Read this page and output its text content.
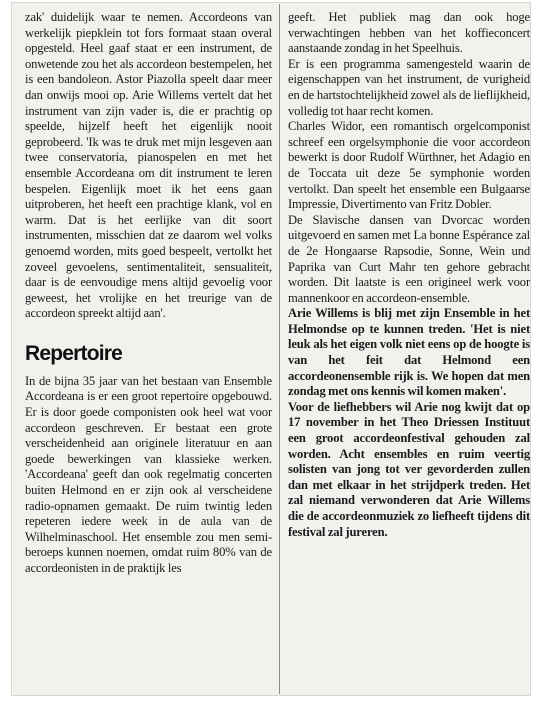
zak' duidelijk waar te nemen. Accordeons van werkelijk piepklein tot fors formaat staan overal opgesteld. Heel gaaf staat er een instrument, de onwetende zou het als accordeon bestempelen, het is een bandoleon. Astor Piazolla speelt daar meer dan onwijs mooi op. Arie Willems vertelt dat het instrument van zijn vader is, die er prachtig op speelde, hijzelf heeft het eigenlijk nooit geprobeerd. 'Ik was te druk met mijn lesgeven aan twee conservatoria, pianospelen en met het ensemble Accordeana om dit instrument te leren bespelen. Eigenlijk moet ik het eens gaan uitproberen, het heeft een prachtige klank, vol en warm. Dat is het eerlijke van dit soort instrumenten, misschien dat ze daarom wel volks genoemd worden, mits goed bespeelt, vertolkt het zoveel gevoelens, sentimentaliteit, sensualiteit, daar is de eenvoudige mens altijd gevoelig voor geweest, het vrolijke en het treurige van de accordeon spreekt altijd aan'.

Repertoire

In de bijna 35 jaar van het bestaan van Ensemble Accordeana is er een groot repertoire opgebouwd. Er is door goede componisten ook heel wat voor accordeon geschreven. Er bestaat een grote verscheidenheid aan originele literatuur en aan goede bewerkingen van klassieke werken. 'Accordeana' geeft dan ook regelmatig concerten buiten Helmond en er zijn ook al verscheidene radio-opnamen gemaakt. De ruim twintig leden repeteren iedere week in de aula van de Wilhelminaschool. Het ensemble zou men semi-beroeps kunnen noemen, omdat ruim 80% van de accordeonisten in de praktijk les

geeft. Het publiek mag dan ook hoge verwachtingen hebben van het koffieconcert aanstaande zondag in het Speelhuis.

Er is een programma samengesteld waarin de eigenschappen van het instrument, de vurigheid en de hartstochtelijkheid zowel als de lieflijkheid, volledig tot haar recht komen.

Charles Widor, een romantisch orgelcomponist schreef een orgelsymphonie die voor accordeon bewerkt is door Rudolf Würthner, het Adagio en de Toccata uit deze 5e symphonie worden vertolkt. Dan speelt het ensemble een Bulgaarse Impressie, Divertimento van Fritz Dobler.

De Slavische dansen van Dvorcac worden uitgevoerd en samen met La bonne Espérance zal de 2e Hongaarse Rapsodie, Sonne, Wein und Paprika van Curt Mahr ten gehore gebracht worden. Dit laatste is een origineel werk voor mannenkoor en accordeon-ensemble.

Arie Willems is blij met zijn Ensemble in het Helmondse op te kunnen treden. 'Het is niet leuk als het eigen volk niet eens op de hoogte is van het feit dat Helmond een accordeonensemble rijk is. We hopen dat men zondag met ons kennis wil komen maken'.

Voor de liefhebbers wil Arie nog kwijt dat op 17 november in het Theo Driessen Instituut een groot accordeonfestival gehouden zal worden. Acht ensembles en ruim veertig solisten van jong tot ver gevorderden zullen dan met elkaar in het strijdperk treden. Het zal niemand verwonderen dat Arie Willems die de accordeonmuziek zo liefheeft tijdens dit festival zal jureren.
